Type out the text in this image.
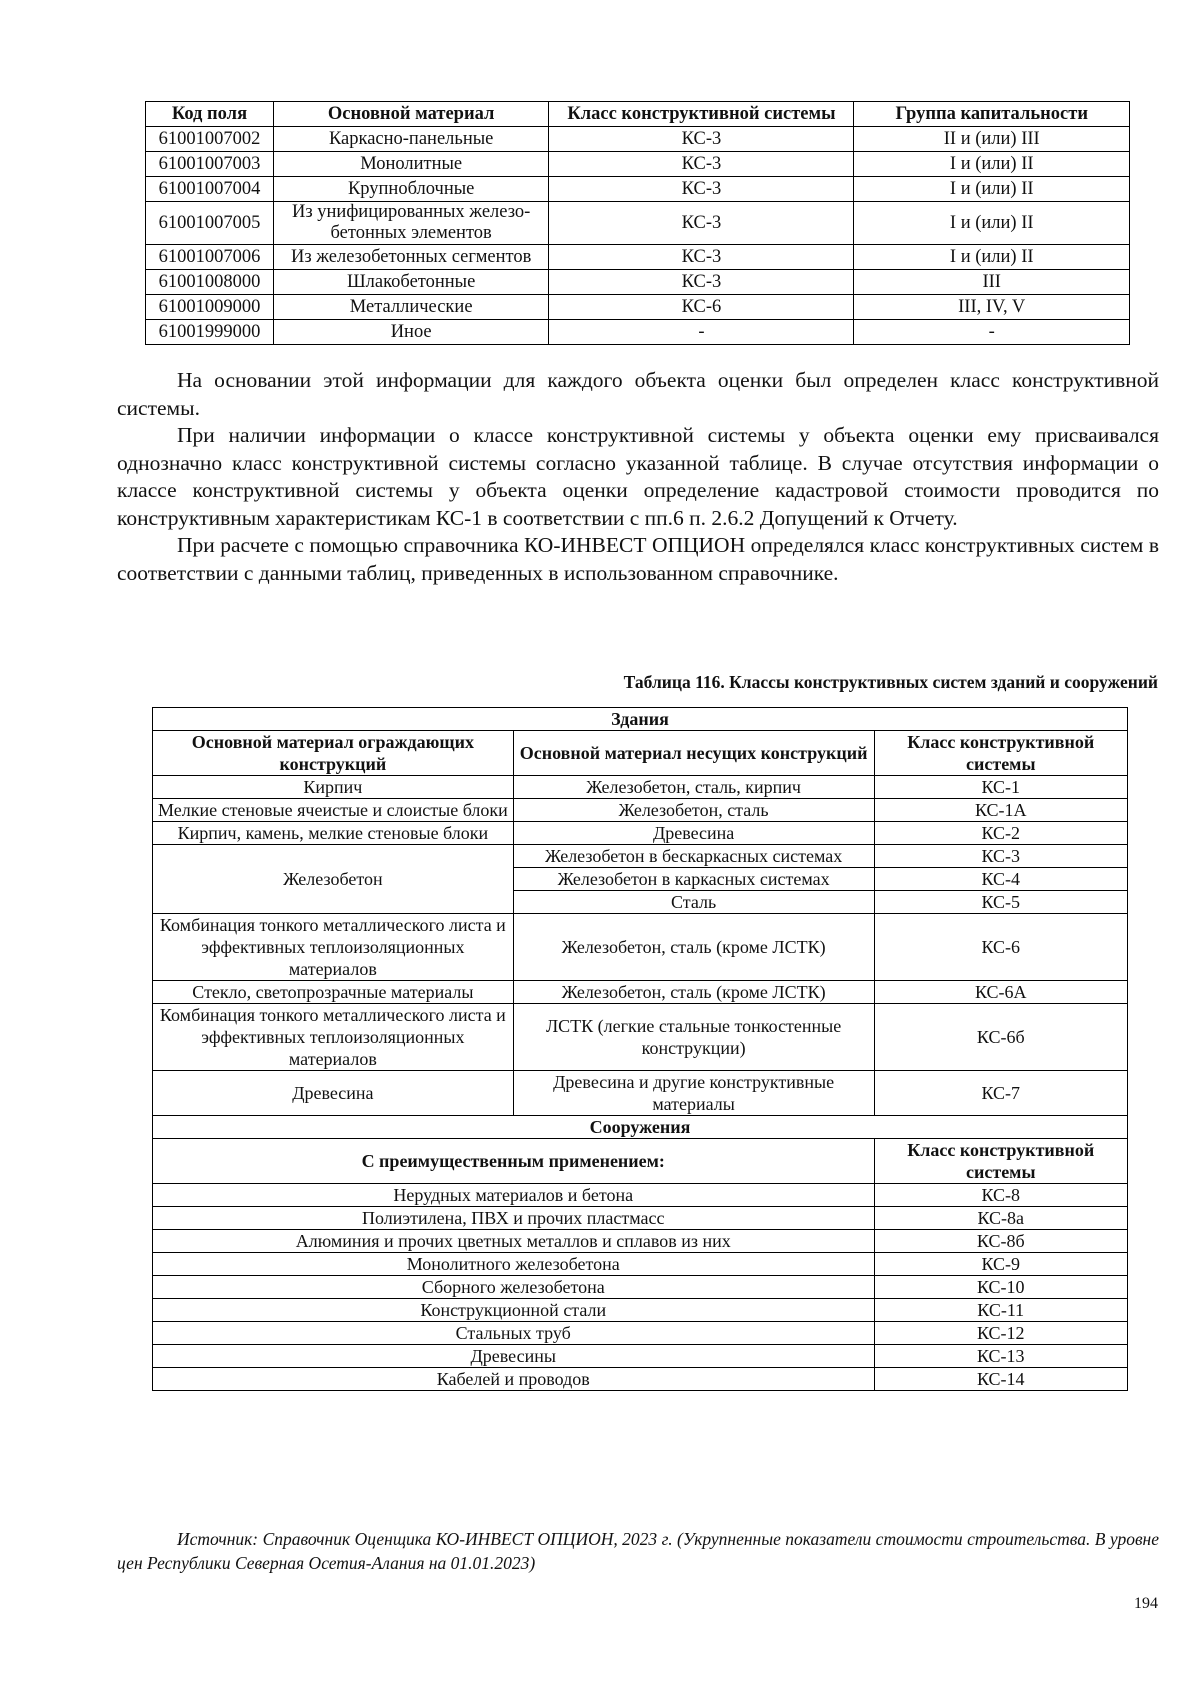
Код поля	Основной материал	Класс конструктивной системы	Группа капитальности
61001007002	Каркасно-панельные	КС-3	II и (или) III
61001007003	Монолитные	КС-3	I и (или) II
61001007004	Крупноблочные	КС-3	I и (или) II
61001007005	Из унифицированных железо-бетонных элементов	КС-3	I и (или) II
61001007006	Из железобетонных сегментов	КС-3	I и (или) II
61001008000	Шлакобетонные	КС-3	III
61001009000	Металлические	КС-6	III, IV, V
61001999000	Иное	-	-

На основании этой информации для каждого объекта оценки был определен класс конструктивной системы.

При наличии информации о классе конструктивной системы у объекта оценки ему присваивался однозначно класс конструктивной системы согласно указанной таблице. В случае отсутствия информации о классе конструктивной системы у объекта оценки определение кадастровой стоимости проводится по конструктивным характеристикам КС-1 в соответствии с пп.6 п. 2.6.2 Допущений к Отчету.

При расчете с помощью справочника КО-ИНВЕСТ ОПЦИОН определялся класс конструктивных систем в соответствии с данными таблиц, приведенных в использованном справочнике.

Таблица 116. Классы конструктивных систем зданий и сооружений
Здания		
Основной материал ограждающих конструкций	Основной материал несущих конструкций	Класс конструктивной системы
Кирпич	Железобетон, сталь, кирпич	КС-1
Мелкие стеновые ячеистые и слоистые блоки	Железобетон, сталь	КС-1А
Кирпич, камень, мелкие стеновые блоки	Древесина	КС-2
Железобетон	Железобетон в бескаркасных системах	КС-3
	Железобетон в каркасных системах	КС-4
	Сталь	КС-5
Комбинация тонкого металлического листа и эффективных теплоизоляционных материалов	Железобетон, сталь (кроме ЛСТК)	КС-6
Стекло, светопрозрачные материалы	Железобетон, сталь (кроме ЛСТК)	КС-6А
Комбинация тонкого металлического листа и эффективных теплоизоляционных материалов	ЛСТК (легкие стальные тонкостенные конструкции)	КС-6б
Древесина	Древесина и другие конструктивные материалы	КС-7
Сооружения		
С преимущественным применением:		Класс конструктивной системы
Нерудных материалов и бетона		КС-8
Полиэтилена, ПВХ и прочих пластмасс		КС-8а
Алюминия и прочих цветных металлов и сплавов из них		КС-8б
Монолитного железобетона		КС-9
Сборного железобетона		КС-10
Конструкционной стали		КС-11
Стальных труб		КС-12
Древесины		КС-13
Кабелей и проводов		КС-14
Источник: Справочник Оценщика КО-ИНВЕСТ ОПЦИОН, 2023 г. (Укрупненные показатели стоимости строительства. В уровне цен Республики Северная Осетия-Алания на 01.01.2023)
194
